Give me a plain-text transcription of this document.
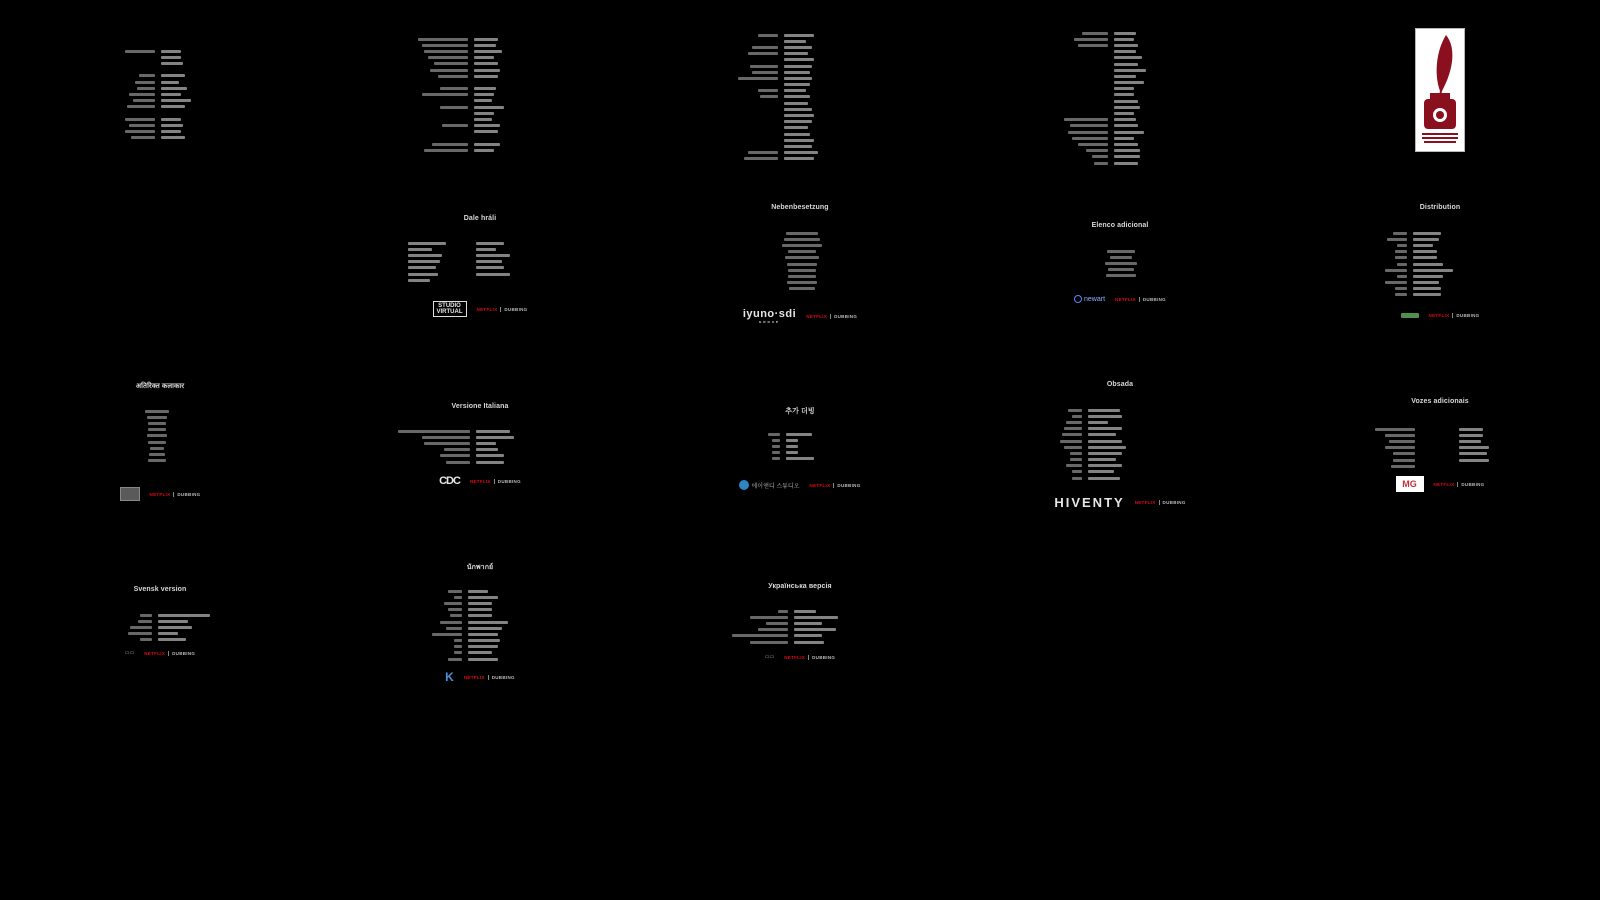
Dale hráli
STUDIO
VIRTUAL	NETFLIX DUBBING
Nebenbesetzung
iyuno·sdi
GROUP
NETFLIX DUBBING
Elenco adicional
newart NETFLIX DUBBING
Distribution
NETFLIX DUBBING
अतिरिक्त कलाकार
NETFLIX DUBBING
Versione Italiana
CDC NETFLIX DUBBING
추가 더빙
에이앤디 스튜디오 NETFLIX DUBBING
Obsada
HIVENTY NETFLIX DUBBING
Vozes adicionais
MG	NETFLIX DUBBING
Svensk version
▭▭ NETFLIX DUBBING
นักพากย์
K NETFLIX DUBBING
Українська версія
▭▭ NETFLIX DUBBING
